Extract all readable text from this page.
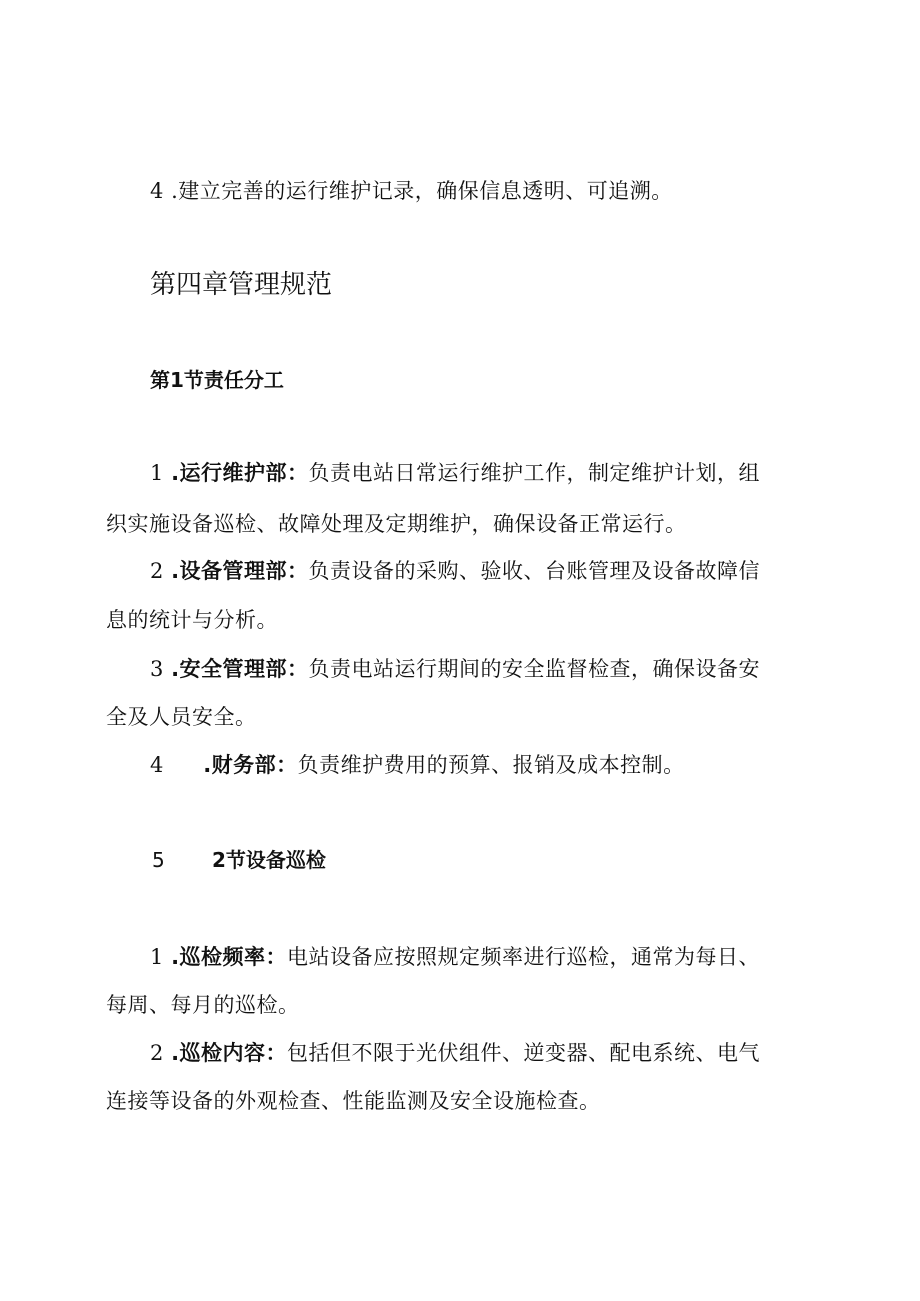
4 .建立完善的运行维护记录，确保信息透明、可追溯。
第四章管理规范
第1节责任分工
1 .运行维护部：负责电站日常运行维护工作，制定维护计划，组
织实施设备巡检、故障处理及定期维护，确保设备正常运行。
2 .设备管理部：负责设备的采购、验收、台账管理及设备故障信
息的统计与分析。
3 .安全管理部：负责电站运行期间的安全监督检查，确保设备安
全及人员安全。
4 .财务部：负责维护费用的预算、报销及成本控制。
5 2节设备巡检
1 .巡检频率：电站设备应按照规定频率进行巡检，通常为每日、
每周、每月的巡检。
2 .巡检内容：包括但不限于光伏组件、逆变器、配电系统、电气
连接等设备的外观检查、性能监测及安全设施检查。
